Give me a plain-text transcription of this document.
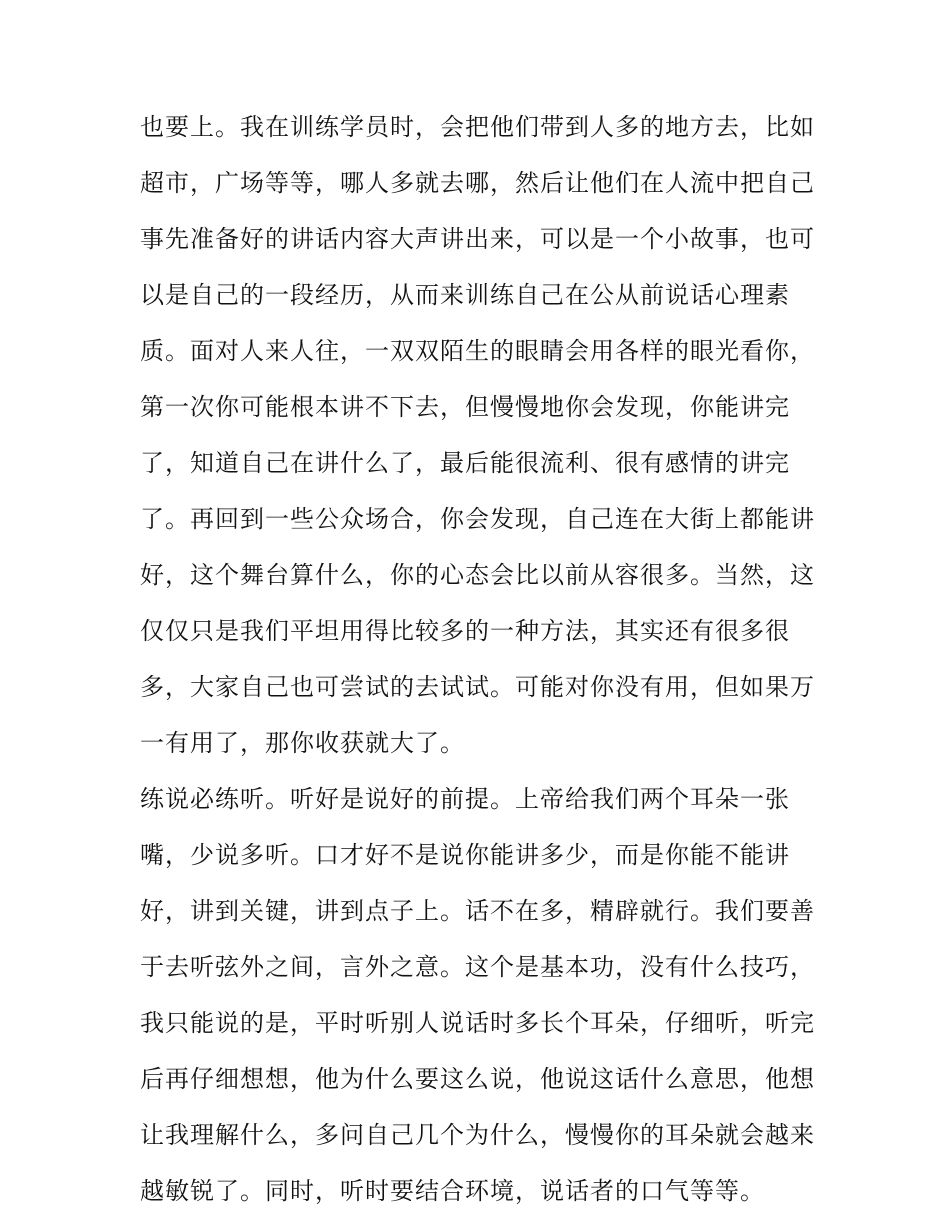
也要上。我在训练学员时，会把他们带到人多的地方去，比如
超市，广场等等，哪人多就去哪，然后让他们在人流中把自己
事先准备好的讲话内容大声讲出来，可以是一个小故事，也可
以是自己的一段经历，从而来训练自己在公从前说话心理素
质。面对人来人往，一双双陌生的眼睛会用各样的眼光看你，
第一次你可能根本讲不下去，但慢慢地你会发现，你能讲完
了，知道自己在讲什么了，最后能很流利、很有感情的讲完
了。再回到一些公众场合，你会发现，自己连在大街上都能讲
好，这个舞台算什么，你的心态会比以前从容很多。当然，这
仅仅只是我们平坦用得比较多的一种方法，其实还有很多很
多，大家自己也可尝试的去试试。可能对你没有用，但如果万
一有用了，那你收获就大了。
练说必练听。听好是说好的前提。上帝给我们两个耳朵一张
嘴，少说多听。口才好不是说你能讲多少，而是你能不能讲
好，讲到关键，讲到点子上。话不在多，精辟就行。我们要善
于去听弦外之间，言外之意。这个是基本功，没有什么技巧，
我只能说的是，平时听别人说话时多长个耳朵，仔细听，听完
后再仔细想想，他为什么要这么说，他说这话什么意思，他想
让我理解什么，多问自己几个为什么，慢慢你的耳朵就会越来
越敏锐了。同时，听时要结合环境，说话者的口气等等。
